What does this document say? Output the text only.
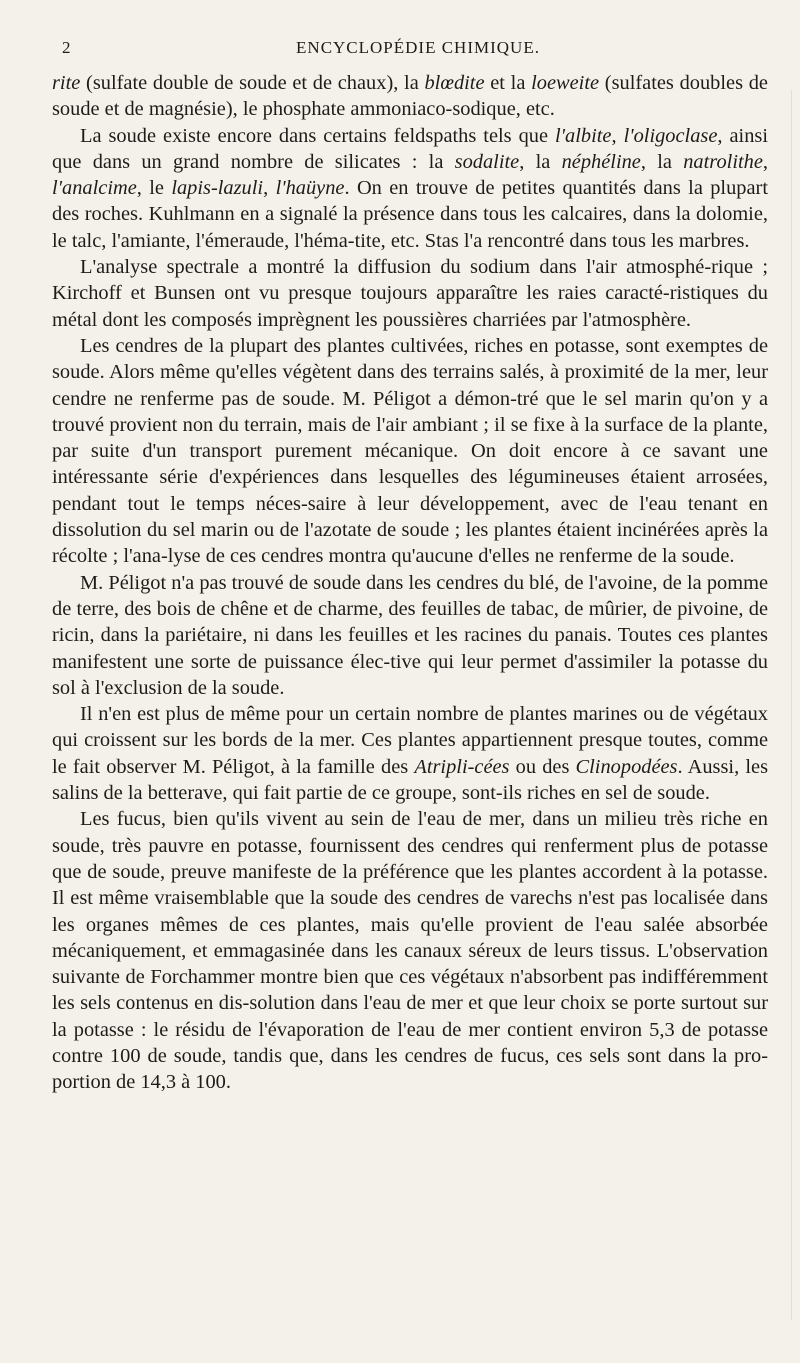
2	ENCYCLOPÉDIE CHIMIQUE.

rite (sulfate double de soude et de chaux), la blœdite et la loeweite (sulfates doubles de soude et de magnésie), le phosphate ammoniaco-sodique, etc.

La soude existe encore dans certains feldspaths tels que l'albite, l'oligoclase, ainsi que dans un grand nombre de silicates : la sodalite, la néphéline, la natrolithe, l'analcime, le lapis-lazuli, l'haüyne. On en trouve de petites quantités dans la plupart des roches. Kuhlmann en a signalé la présence dans tous les calcaires, dans la dolomie, le talc, l'amiante, l'émeraude, l'héma-tite, etc. Stas l'a rencontré dans tous les marbres.

L'analyse spectrale a montré la diffusion du sodium dans l'air atmosphé-rique ; Kirchoff et Bunsen ont vu presque toujours apparaître les raies caracté-ristiques du métal dont les composés imprègnent les poussières charriées par l'atmosphère.

Les cendres de la plupart des plantes cultivées, riches en potasse, sont exemptes de soude. Alors même qu'elles végètent dans des terrains salés, à proximité de la mer, leur cendre ne renferme pas de soude. M. Péligot a démon-tré que le sel marin qu'on y a trouvé provient non du terrain, mais de l'air ambiant ; il se fixe à la surface de la plante, par suite d'un transport purement mécanique. On doit encore à ce savant une intéressante série d'expériences dans lesquelles des légumineuses étaient arrosées, pendant tout le temps néces-saire à leur développement, avec de l'eau tenant en dissolution du sel marin ou de l'azotate de soude ; les plantes étaient incinérées après la récolte ; l'ana-lyse de ces cendres montra qu'aucune d'elles ne renferme de la soude.

M. Péligot n'a pas trouvé de soude dans les cendres du blé, de l'avoine, de la pomme de terre, des bois de chêne et de charme, des feuilles de tabac, de mûrier, de pivoine, de ricin, dans la pariétaire, ni dans les feuilles et les racines du panais. Toutes ces plantes manifestent une sorte de puissance élec-tive qui leur permet d'assimiler la potasse du sol à l'exclusion de la soude.

Il n'en est plus de même pour un certain nombre de plantes marines ou de végétaux qui croissent sur les bords de la mer. Ces plantes appartiennent presque toutes, comme le fait observer M. Péligot, à la famille des Atripli-cées ou des Clinopodées. Aussi, les salins de la betterave, qui fait partie de ce groupe, sont-ils riches en sel de soude.

Les fucus, bien qu'ils vivent au sein de l'eau de mer, dans un milieu très riche en soude, très pauvre en potasse, fournissent des cendres qui renferment plus de potasse que de soude, preuve manifeste de la préférence que les plantes accordent à la potasse. Il est même vraisemblable que la soude des cendres de varechs n'est pas localisée dans les organes mêmes de ces plantes, mais qu'elle provient de l'eau salée absorbée mécaniquement, et emmagasinée dans les canaux séreux de leurs tissus. L'observation suivante de Forchammer montre bien que ces végétaux n'absorbent pas indifféremment les sels contenus en dis-solution dans l'eau de mer et que leur choix se porte surtout sur la potasse : le résidu de l'évaporation de l'eau de mer contient environ 5,3 de potasse contre 100 de soude, tandis que, dans les cendres de fucus, ces sels sont dans la pro-portion de 14,3 à 100.
